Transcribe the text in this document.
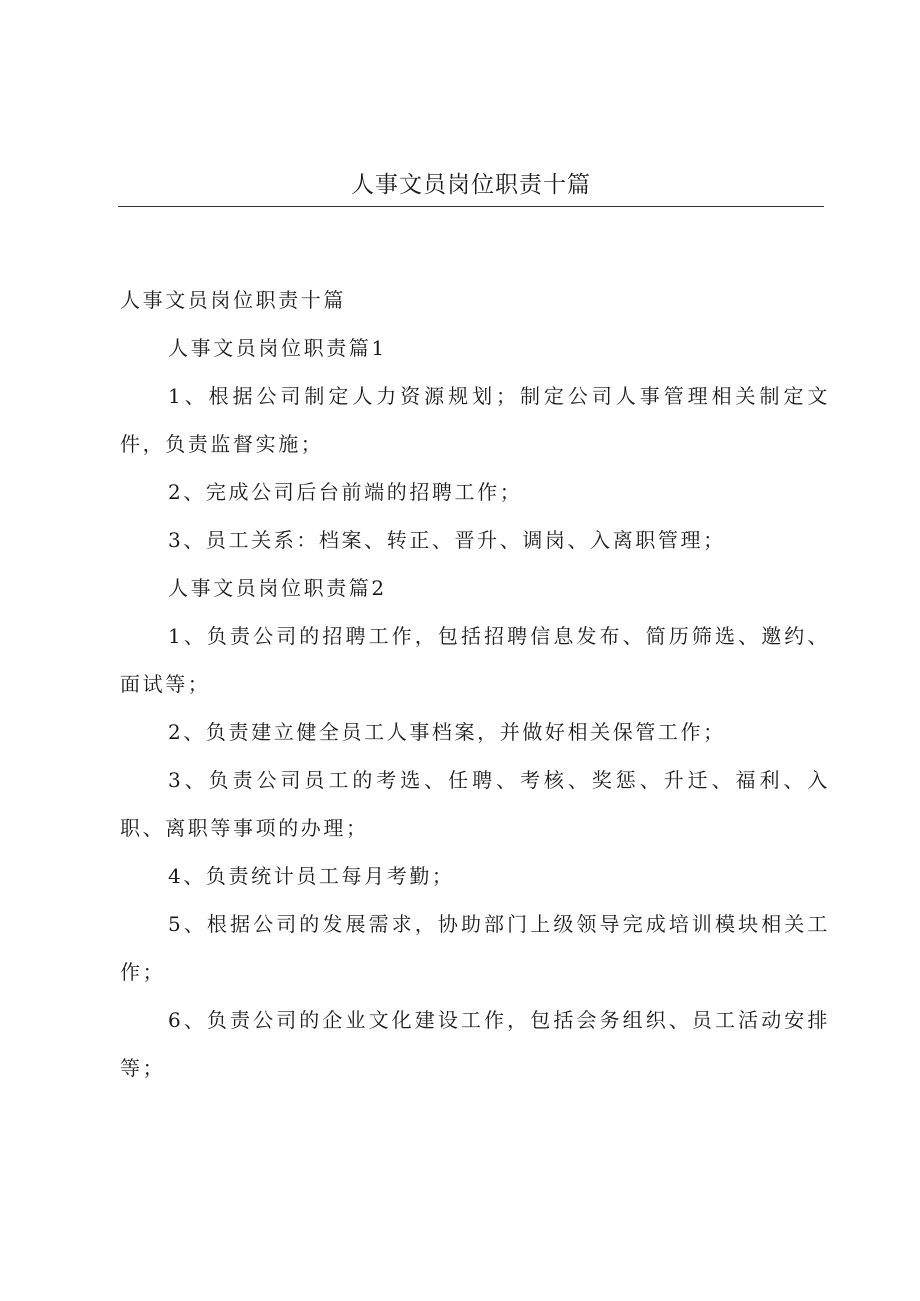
人事文员岗位职责十篇

人事文员岗位职责十篇

人事文员岗位职责篇1

1、根据公司制定人力资源规划；制定公司人事管理相关制定文件，负责监督实施；

2、完成公司后台前端的招聘工作；

3、员工关系：档案、转正、晋升、调岗、入离职管理；

人事文员岗位职责篇2

1、负责公司的招聘工作，包括招聘信息发布、简历筛选、邀约、面试等；

2、负责建立健全员工人事档案，并做好相关保管工作；

3、负责公司员工的考选、任聘、考核、奖惩、升迁、福利、入职、离职等事项的办理；

4、负责统计员工每月考勤；

5、根据公司的发展需求，协助部门上级领导完成培训模块相关工作；

6、负责公司的企业文化建设工作，包括会务组织、员工活动安排等；
